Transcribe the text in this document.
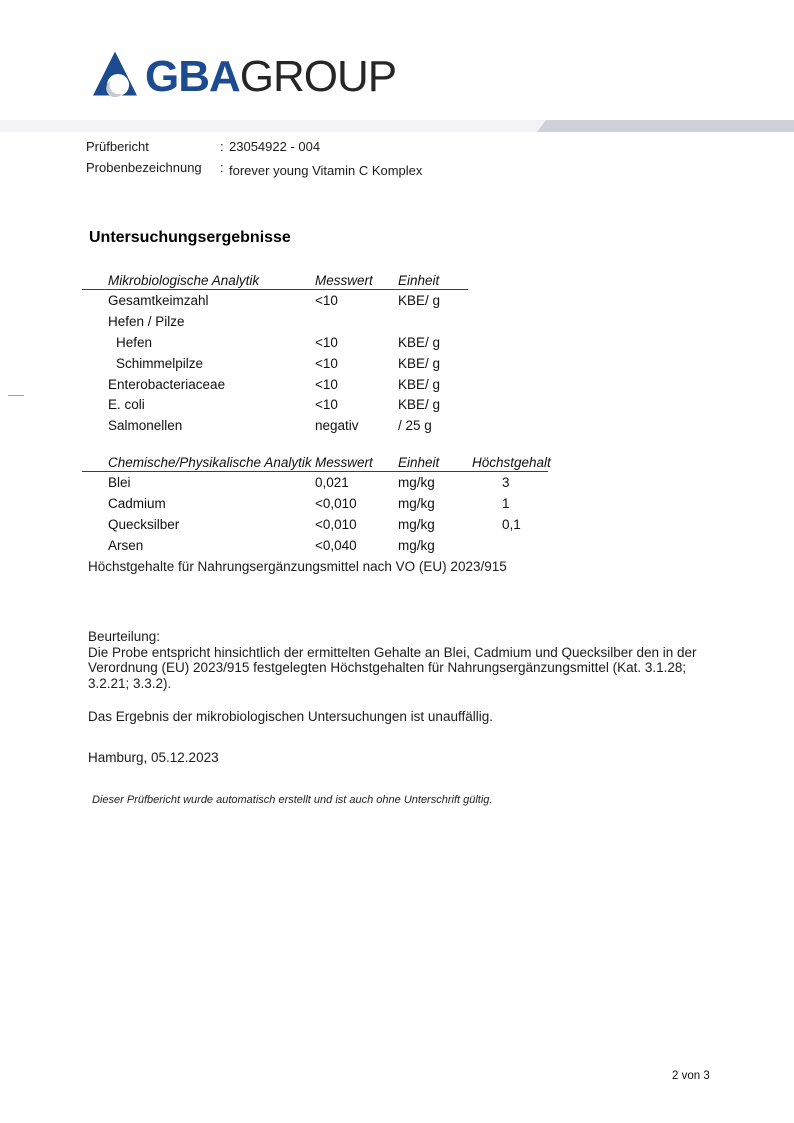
GBAGROUP
Prüfbericht	: 23054922 - 004
Probenbezeichnung : forever young Vitamin C Komplex
Untersuchungsergebnisse
Mikrobiologische Analytik	Messwert Einheit
Gesamtkeimzahl	<10	KBE/ g
Hefen / Pilze
Hefen	<10	KBE/ g
Schimmelpilze	<10	KBE/ g
Enterobacteriaceae	<10	KBE/ g
E. coli	<10	KBE/ g
Salmonellen	negativ	/ 25 g
Chemische/Physikalische Analytik Messwert Einheit Höchstgehalt
Blei	0,021	mg/kg	3
Cadmium	<0,010	mg/kg	1
Quecksilber	<0,010	mg/kg	0,1
Arsen	<0,040	mg/kg
Höchstgehalte für Nahrungsergänzungsmittel nach VO (EU) 2023/915
Beurteilung:
Die Probe entspricht hinsichtlich der ermittelten Gehalte an Blei, Cadmium und Quecksilber den in der Verordnung (EU) 2023/915 festgelegten Höchstgehalten für Nahrungsergänzungsmittel (Kat. 3.1.28; 3.2.21; 3.3.2).
Das Ergebnis der mikrobiologischen Untersuchungen ist unauffällig.
Hamburg, 05.12.2023
Dieser Prüfbericht wurde automatisch erstellt und ist auch ohne Unterschrift gültig.
2 von 3
